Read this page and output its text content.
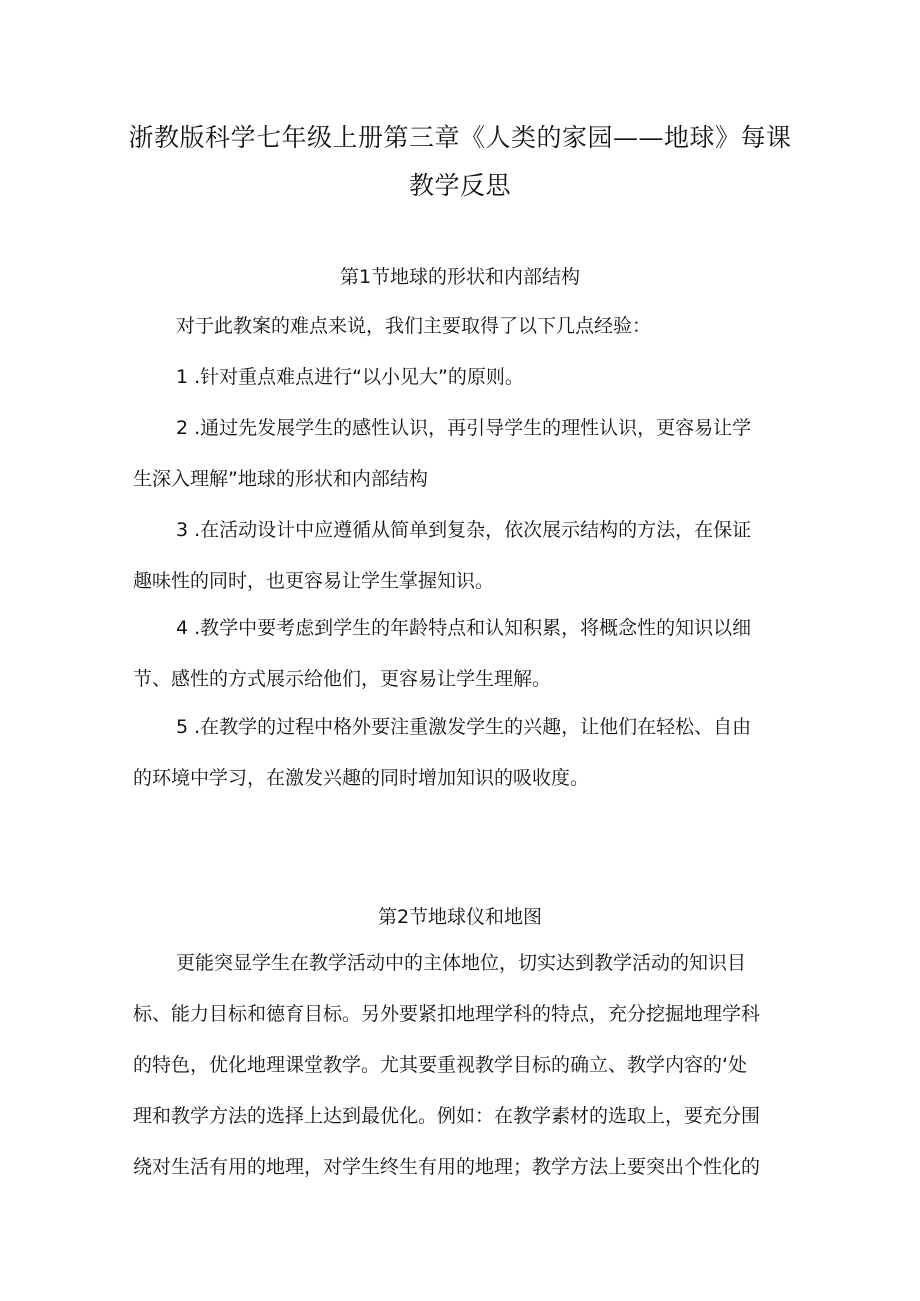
浙教版科学七年级上册第三章《人类的家园——地球》每课
教学反思
第1节地球的形状和内部结构
对于此教案的难点来说，我们主要取得了以下几点经验：
1 .针对重点难点进行“以小见大”的原则。
2 .通过先发展学生的感性认识，再引导学生的理性认识，更容易让学
生深入理解”地球的形状和内部结构
3 .在活动设计中应遵循从简单到复杂，依次展示结构的方法，在保证
趣味性的同时，也更容易让学生掌握知识。
4 .教学中要考虑到学生的年龄特点和认知积累，将概念性的知识以细
节、感性的方式展示给他们，更容易让学生理解。
5 .在教学的过程中格外要注重激发学生的兴趣，让他们在轻松、自由
的环境中学习，在激发兴趣的同时增加知识的吸收度。
第2节地球仪和地图
更能突显学生在教学活动中的主体地位，切实达到教学活动的知识目
标、能力目标和德育目标。另外要紧扣地理学科的特点，充分挖掘地理学科
的特色，优化地理课堂教学。尤其要重视教学目标的确立、教学内容的‘处
理和教学方法的选择上达到最优化。例如：在教学素材的选取上，要充分围
绕对生活有用的地理，对学生终生有用的地理；教学方法上要突出个性化的
